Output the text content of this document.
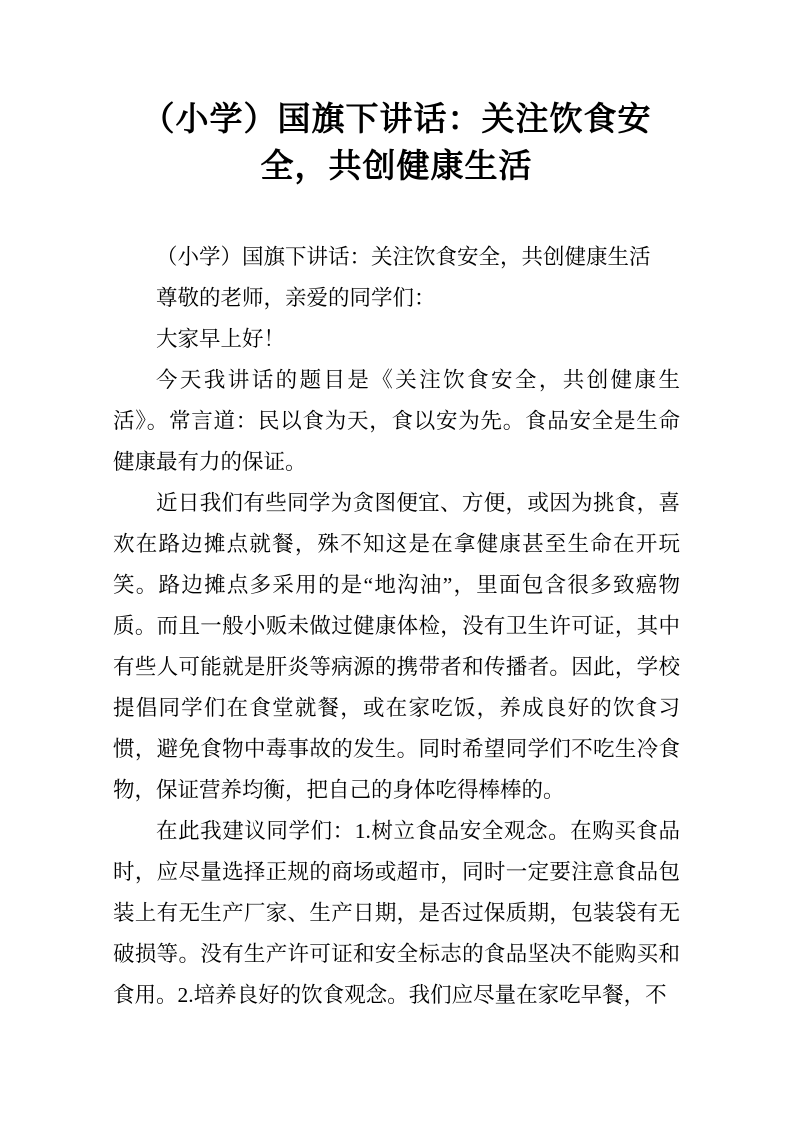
（小学）国旗下讲话：关注饮食安全，共创健康生活

（小学）国旗下讲话：关注饮食安全，共创健康生活

尊敬的老师，亲爱的同学们：

大家早上好！

今天我讲话的题目是《关注饮食安全，共创健康生活》。常言道：民以食为天，食以安为先。食品安全是生命健康最有力的保证。

近日我们有些同学为贪图便宜、方便，或因为挑食，喜欢在路边摊点就餐，殊不知这是在拿健康甚至生命在开玩笑。路边摊点多采用的是“地沟油”，里面包含很多致癌物质。而且一般小贩未做过健康体检，没有卫生许可证，其中有些人可能就是肝炎等病源的携带者和传播者。因此，学校提倡同学们在食堂就餐，或在家吃饭，养成良好的饮食习惯，避免食物中毒事故的发生。同时希望同学们不吃生冷食物，保证营养均衡，把自己的身体吃得棒棒的。

在此我建议同学们：1.树立食品安全观念。在购买食品时，应尽量选择正规的商场或超市，同时一定要注意食品包装上有无生产厂家、生产日期，是否过保质期，包装袋有无破损等。没有生产许可证和安全标志的食品坚决不能购买和食用。2.培养良好的饮食观念。我们应尽量在家吃早餐，不
